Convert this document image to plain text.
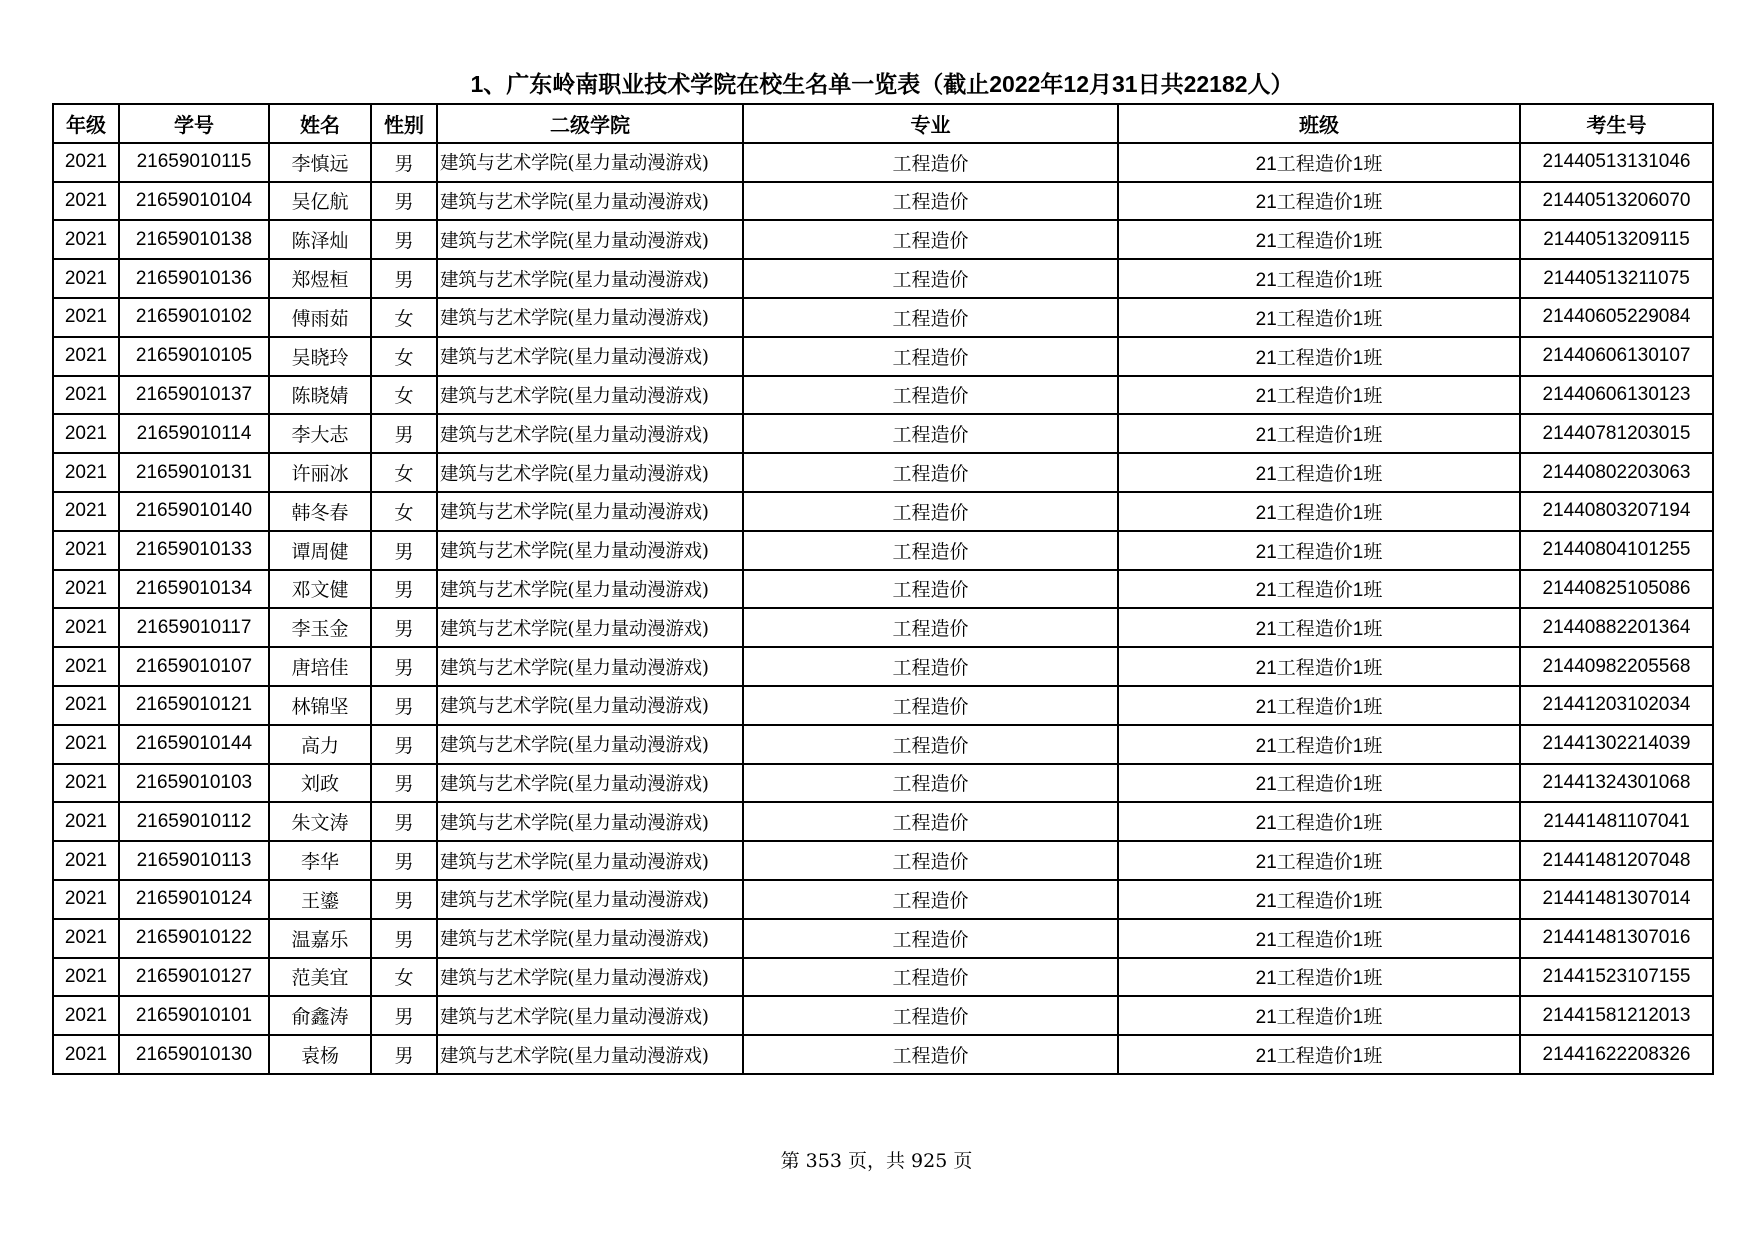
1、广东岭南职业技术学院在校生名单一览表（截止2022年12月31日共22182人）
年级	学号	姓名	性别	二级学院	专业	班级	考生号
2021	21659010115	李慎远	男	建筑与艺术学院(星力量动漫游戏)	工程造价	21工程造价1班	21440513131046
2021	21659010104	吴亿航	男	建筑与艺术学院(星力量动漫游戏)	工程造价	21工程造价1班	21440513206070
2021	21659010138	陈泽灿	男	建筑与艺术学院(星力量动漫游戏)	工程造价	21工程造价1班	21440513209115
2021	21659010136	郑煜桓	男	建筑与艺术学院(星力量动漫游戏)	工程造价	21工程造价1班	21440513211075
2021	21659010102	傅雨茹	女	建筑与艺术学院(星力量动漫游戏)	工程造价	21工程造价1班	21440605229084
2021	21659010105	吴晓玲	女	建筑与艺术学院(星力量动漫游戏)	工程造价	21工程造价1班	21440606130107
2021	21659010137	陈晓婧	女	建筑与艺术学院(星力量动漫游戏)	工程造价	21工程造价1班	21440606130123
2021	21659010114	李大志	男	建筑与艺术学院(星力量动漫游戏)	工程造价	21工程造价1班	21440781203015
2021	21659010131	许丽冰	女	建筑与艺术学院(星力量动漫游戏)	工程造价	21工程造价1班	21440802203063
2021	21659010140	韩冬春	女	建筑与艺术学院(星力量动漫游戏)	工程造价	21工程造价1班	21440803207194
2021	21659010133	谭周健	男	建筑与艺术学院(星力量动漫游戏)	工程造价	21工程造价1班	21440804101255
2021	21659010134	邓文健	男	建筑与艺术学院(星力量动漫游戏)	工程造价	21工程造价1班	21440825105086
2021	21659010117	李玉金	男	建筑与艺术学院(星力量动漫游戏)	工程造价	21工程造价1班	21440882201364
2021	21659010107	唐培佳	男	建筑与艺术学院(星力量动漫游戏)	工程造价	21工程造价1班	21440982205568
2021	21659010121	林锦坚	男	建筑与艺术学院(星力量动漫游戏)	工程造价	21工程造价1班	21441203102034
2021	21659010144	高力	男	建筑与艺术学院(星力量动漫游戏)	工程造价	21工程造价1班	21441302214039
2021	21659010103	刘政	男	建筑与艺术学院(星力量动漫游戏)	工程造价	21工程造价1班	21441324301068
2021	21659010112	朱文涛	男	建筑与艺术学院(星力量动漫游戏)	工程造价	21工程造价1班	21441481107041
2021	21659010113	李华	男	建筑与艺术学院(星力量动漫游戏)	工程造价	21工程造价1班	21441481207048
2021	21659010124	王鎏	男	建筑与艺术学院(星力量动漫游戏)	工程造价	21工程造价1班	21441481307014
2021	21659010122	温嘉乐	男	建筑与艺术学院(星力量动漫游戏)	工程造价	21工程造价1班	21441481307016
2021	21659010127	范美宜	女	建筑与艺术学院(星力量动漫游戏)	工程造价	21工程造价1班	21441523107155
2021	21659010101	俞鑫涛	男	建筑与艺术学院(星力量动漫游戏)	工程造价	21工程造价1班	21441581212013
2021	21659010130	袁杨	男	建筑与艺术学院(星力量动漫游戏)	工程造价	21工程造价1班	21441622208326
第 353 页，共 925 页
